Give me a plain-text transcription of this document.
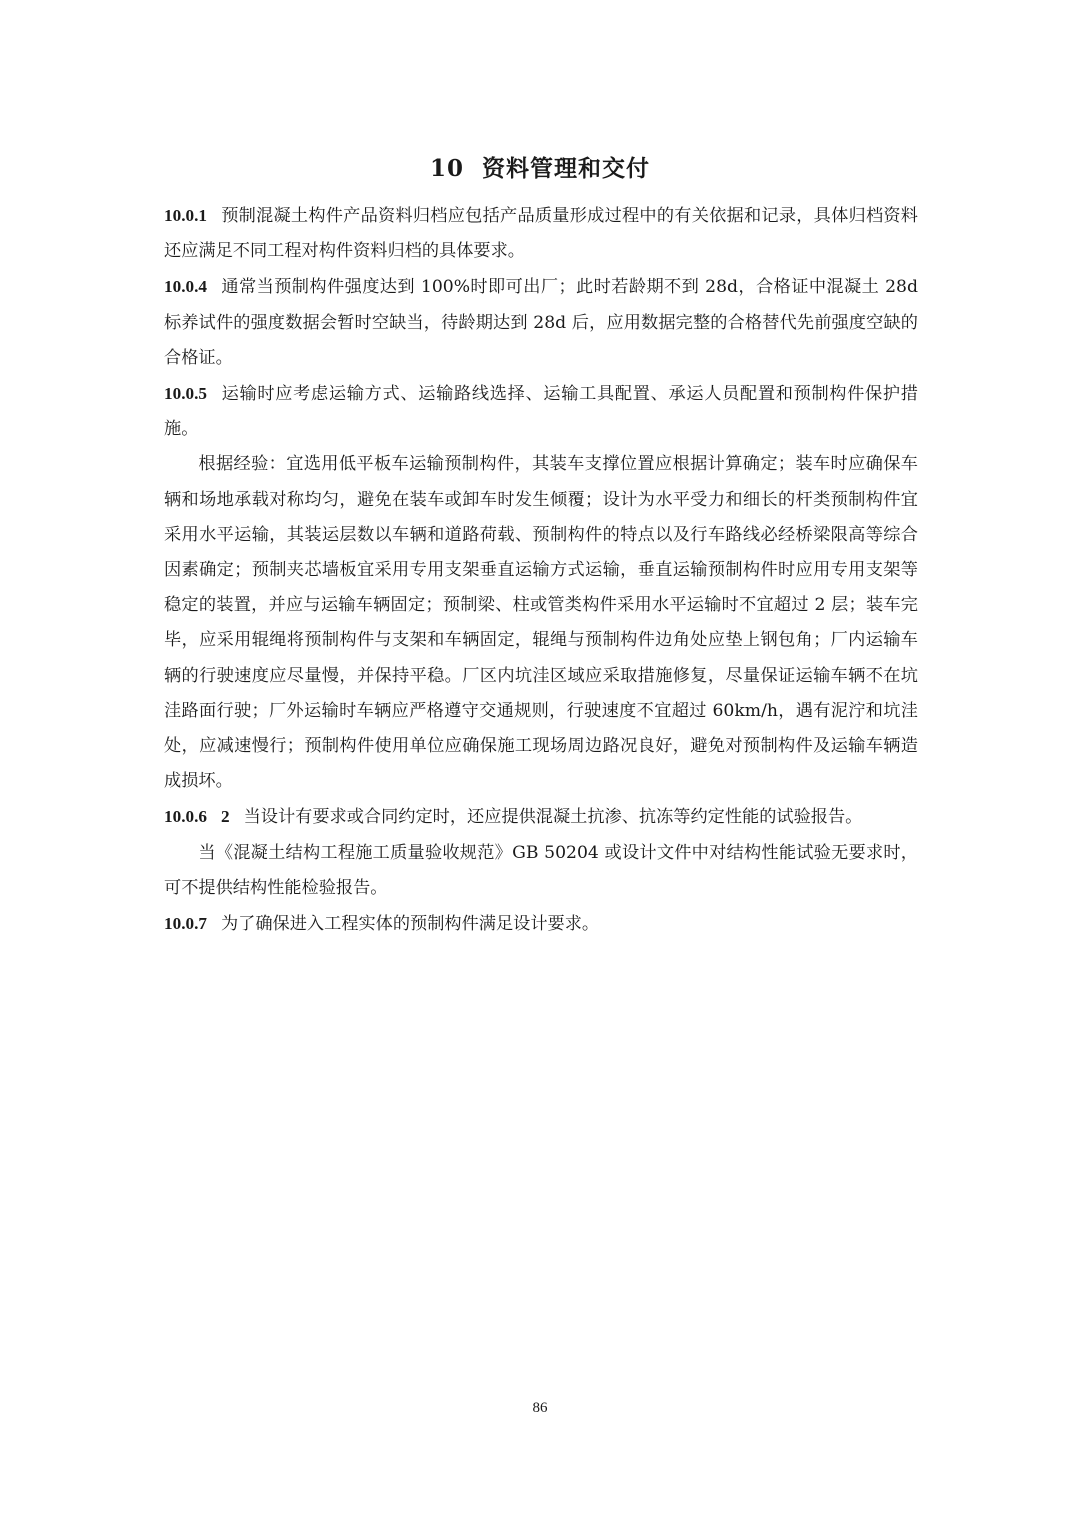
10 资料管理和交付

10.0.1 预制混凝土构件产品资料归档应包括产品质量形成过程中的有关依据和记录，具体归档资料还应满足不同工程对构件资料归档的具体要求。

10.0.4 通常当预制构件强度达到 100%时即可出厂；此时若龄期不到 28d，合格证中混凝土 28d 标养试件的强度数据会暂时空缺当，待龄期达到 28d 后，应用数据完整的合格替代先前强度空缺的合格证。

10.0.5 运输时应考虑运输方式、运输路线选择、运输工具配置、承运人员配置和预制构件保护措施。

根据经验：宜选用低平板车运输预制构件，其装车支撑位置应根据计算确定；装车时应确保车辆和场地承载对称均匀，避免在装车或卸车时发生倾覆；设计为水平受力和细长的杆类预制构件宜采用水平运输，其装运层数以车辆和道路荷载、预制构件的特点以及行车路线必经桥梁限高等综合因素确定；预制夹芯墙板宜采用专用支架垂直运输方式运输，垂直运输预制构件时应用专用支架等稳定的装置，并应与运输车辆固定；预制梁、柱或管类构件采用水平运输时不宜超过 2 层；装车完毕，应采用辊绳将预制构件与支架和车辆固定，辊绳与预制构件边角处应垫上钢包角；厂内运输车辆的行驶速度应尽量慢，并保持平稳。厂区内坑洼区域应采取措施修复，尽量保证运输车辆不在坑洼路面行驶；厂外运输时车辆应严格遵守交通规则，行驶速度不宜超过 60km/h，遇有泥泞和坑洼处，应减速慢行；预制构件使用单位应确保施工现场周边路况良好，避免对预制构件及运输车辆造成损坏。

10.0.6 2 当设计有要求或合同约定时，还应提供混凝土抗渗、抗冻等约定性能的试验报告。

当《混凝土结构工程施工质量验收规范》GB 50204 或设计文件中对结构性能试验无要求时，可不提供结构性能检验报告。

10.0.7 为了确保进入工程实体的预制构件满足设计要求。

86
